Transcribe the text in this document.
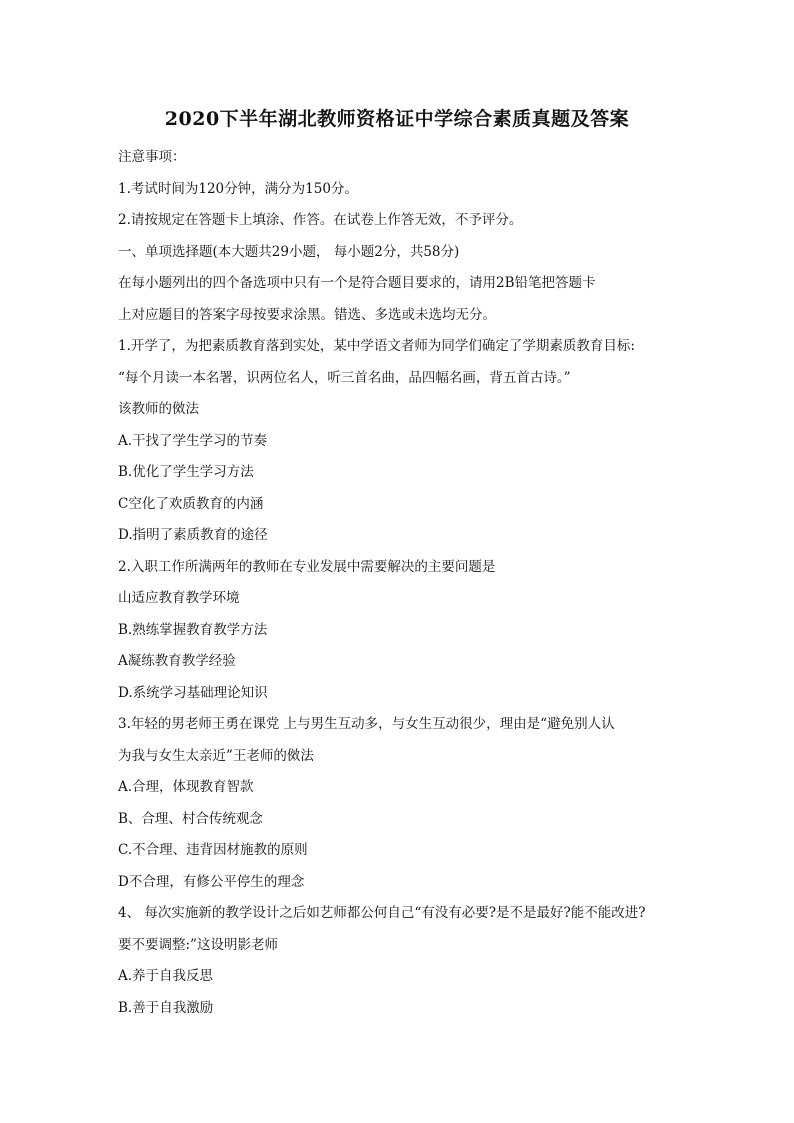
2020下半年湖北教师资格证中学综合素质真题及答案
注意事项：
1.考试时间为120分钟，满分为150分。
2.请按规定在答题卡上填涂、作答。在试卷上作答无效，不予评分。
一、单项选择题(本大题共29小题， 每小题2分，共58分)
在每小题列出的四个备选项中只有一个是符合题目要求的，请用2B铅笔把答题卡
上对应题目的答案字母按要求涂黑。错选、多选或未选均无分。
1.开学了，为把素质教育落到实处，某中学语文者师为同学们确定了学期素质教育目标:
“每个月读一本名署，识两位名人，听三首名曲，品四幅名画，背五首古诗。”
该教师的傚法
A.干找了学生学习的节奏
B.优化了学生学习方法
C空化了欢质教育的内涵
D.指明了素质教育的途径
2.入职工作所满两年的教师在专业发展中需要解决的主要问题是
山适应教育教学环境
B.熟练掌握教育教学方法
A凝练教育教学经验
D.系统学习基础理论知识
3.年轻的男老师王勇在课党 上与男生互动多，与女生互动很少，理由是“避免别人认
为我与女生太亲近”王老师的傚法
A.合理，体现教育智款
B、合理、村合传统观念
C.不合理、违背因材施教的原则
D不合理，有修公平停生的理念
4、 每次实施新的教学设计之后如艺师都公何自己“有没有必要?是不是最好?能不能改进?
要不要调整:”这设明影老师
A.养于自我反思
B.善于自我激励
